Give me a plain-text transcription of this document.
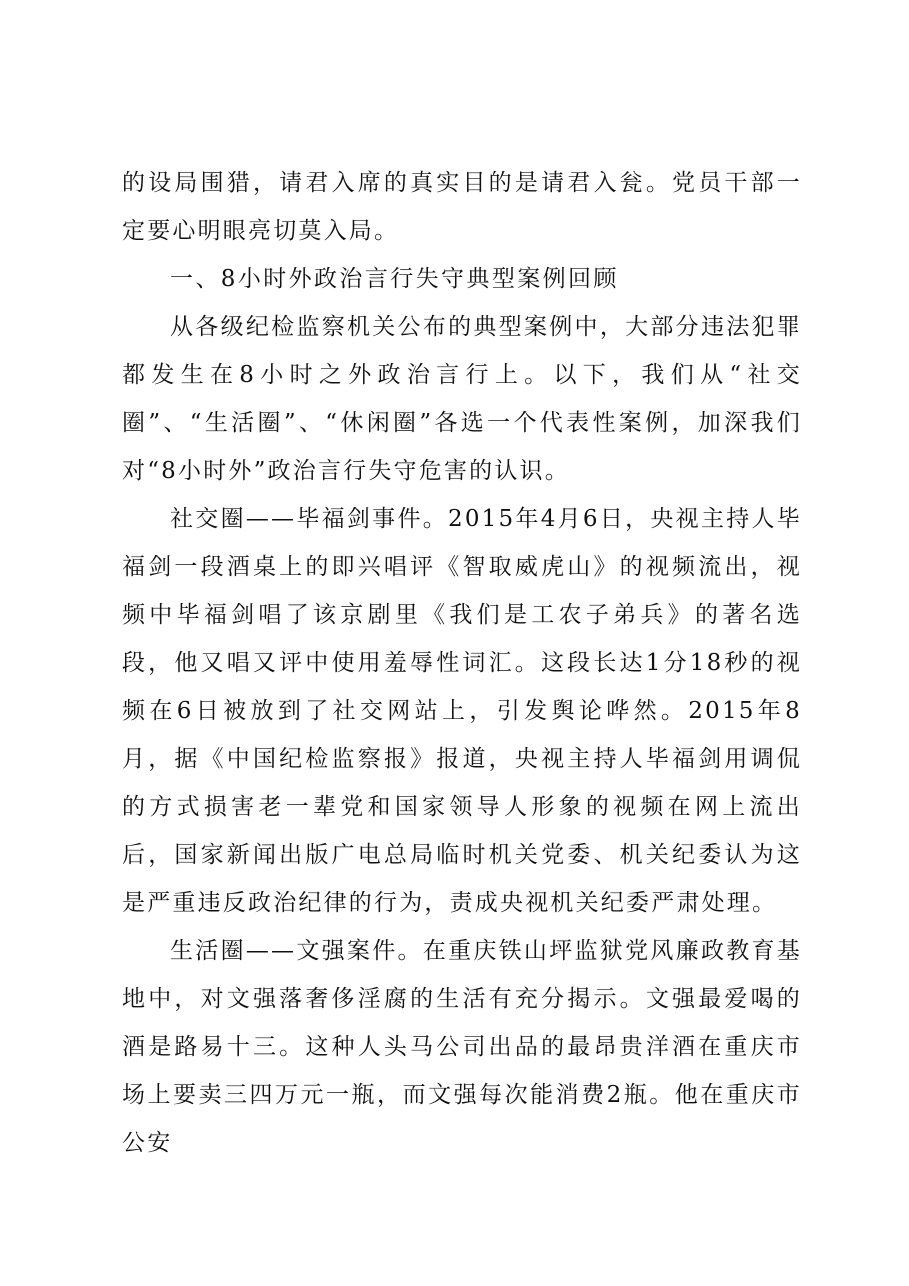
的设局围猎，请君入席的真实目的是请君入瓮。党员干部一定要心明眼亮切莫入局。

一、8小时外政治言行失守典型案例回顾

从各级纪检监察机关公布的典型案例中，大部分违法犯罪都发生在8小时之外政治言行上。以下，我们从“社交圈”、“生活圈”、“休闲圈”各选一个代表性案例，加深我们对“8小时外”政治言行失守危害的认识。

社交圈——毕福剑事件。2015年4月6日，央视主持人毕福剑一段酒桌上的即兴唱评《智取威虎山》的视频流出，视频中毕福剑唱了该京剧里《我们是工农子弟兵》的著名选段，他又唱又评中使用羞辱性词汇。这段长达1分18秒的视频在6日被放到了社交网站上，引发舆论哗然。2015年8月，据《中国纪检监察报》报道，央视主持人毕福剑用调侃的方式损害老一辈党和国家领导人形象的视频在网上流出后，国家新闻出版广电总局临时机关党委、机关纪委认为这是严重违反政治纪律的行为，责成央视机关纪委严肃处理。

生活圈——文强案件。在重庆铁山坪监狱党风廉政教育基地中，对文强落奢侈淫腐的生活有充分揭示。文强最爱喝的酒是路易十三。这种人头马公司出品的最昂贵洋酒在重庆市场上要卖三四万元一瓶，而文强每次能消费2瓶。他在重庆市公安
